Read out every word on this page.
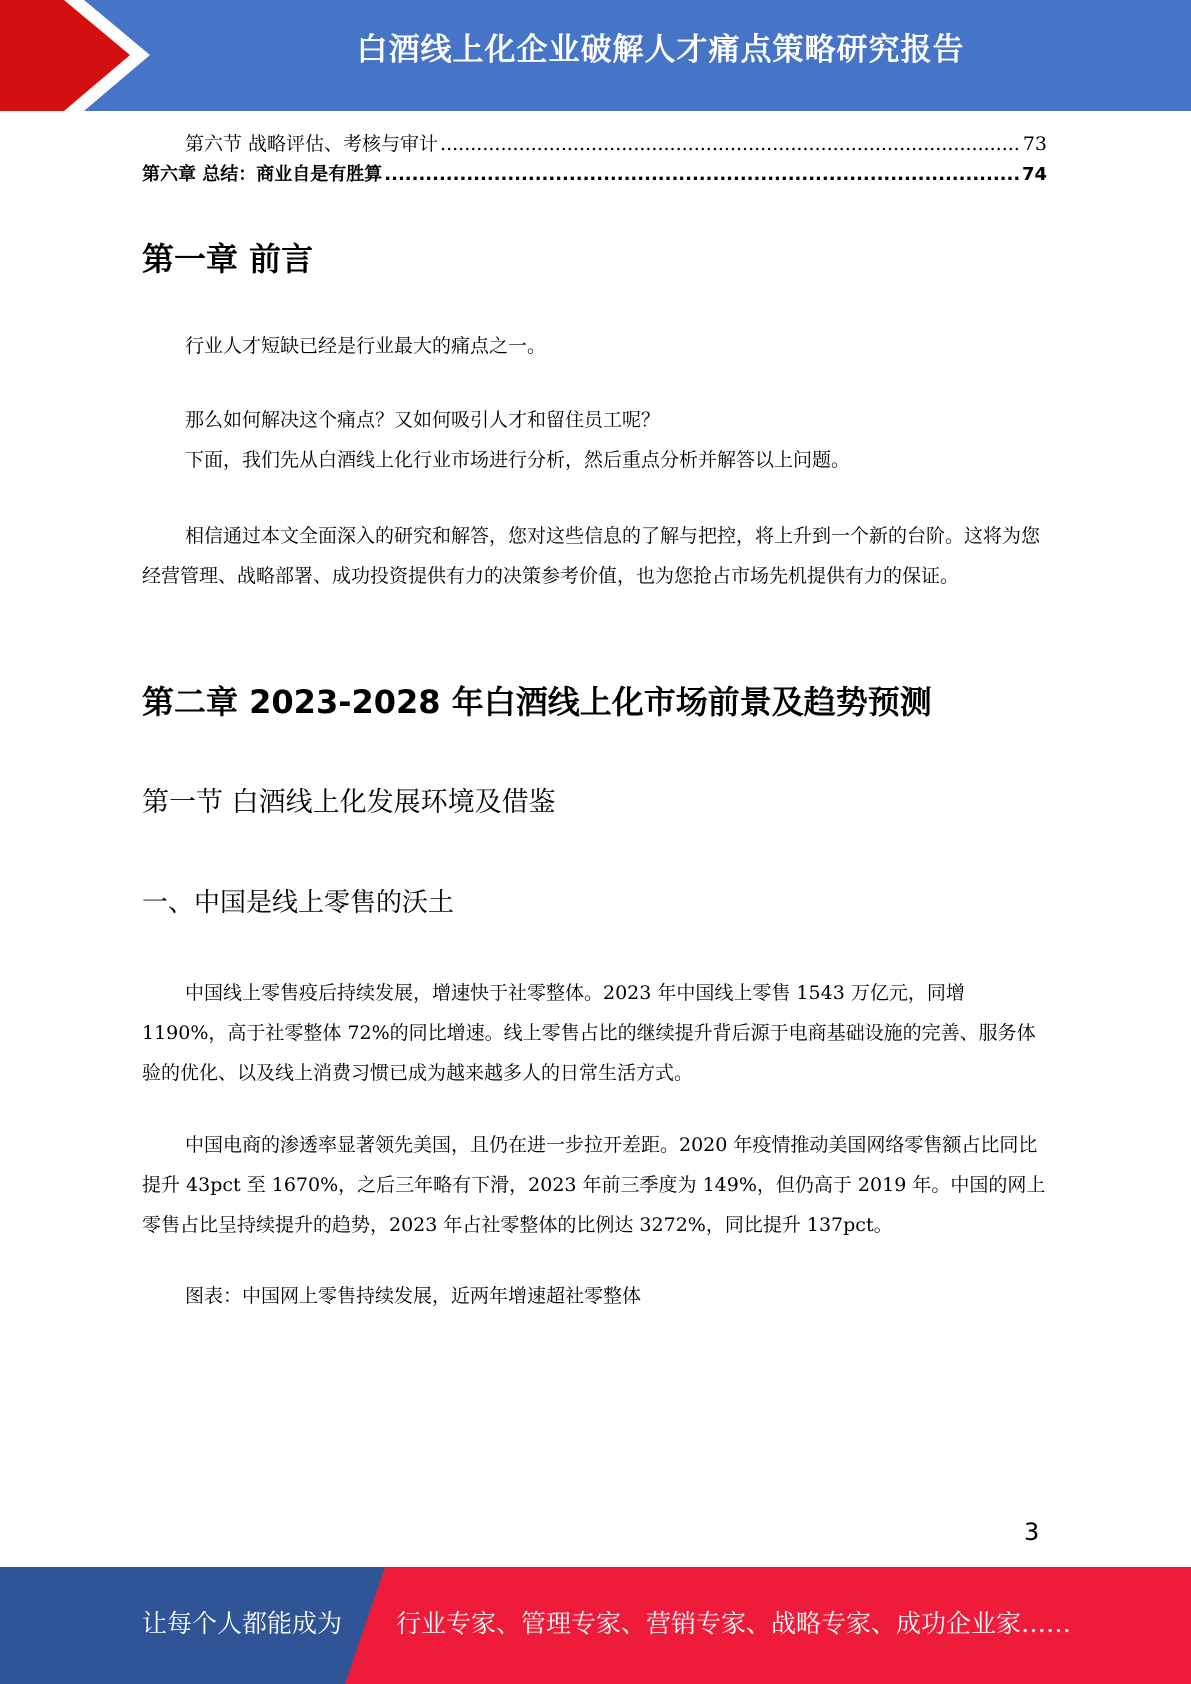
白酒线上化企业破解人才痛点策略研究报告
第六节 战略评估、考核与审计 .....	73
第六章 总结：商业自是有胜算 .....	74
第一章 前言

行业人才短缺已经是行业最大的痛点之一。

那么如何解决这个痛点？又如何吸引人才和留住员工呢？

下面，我们先从白酒线上化行业市场进行分析，然后重点分析并解答以上问题。

相信通过本文全面深入的研究和解答，您对这些信息的了解与把控，将上升到一个新的台阶。这将为您经营管理、战略部署、成功投资提供有力的决策参考价值，也为您抢占市场先机提供有力的保证。

第二章 2023-2028 年白酒线上化市场前景及趋势预测
第一节 白酒线上化发展环境及借鉴
一、中国是线上零售的沃土

中国线上零售疫后持续发展，增速快于社零整体。2023 年中国线上零售 1543 万亿元，同增 1190%，高于社零整体 72%的同比增速。线上零售占比的继续提升背后源于电商基础设施的完善、服务体验的优化、以及线上消费习惯已成为越来越多人的日常生活方式。

中国电商的渗透率显著领先美国，且仍在进一步拉开差距。2020 年疫情推动美国网络零售额占比同比提升 43pct 至 1670%，之后三年略有下滑，2023 年前三季度为 149%，但仍高于 2019 年。中国的网上零售占比呈持续提升的趋势，2023 年占社零整体的比例达 3272%，同比提升 137pct。

图表：中国网上零售持续发展，近两年增速超社零整体

3
让每个人都能成为 行业专家、管理专家、营销专家、战略专家、成功企业家……
